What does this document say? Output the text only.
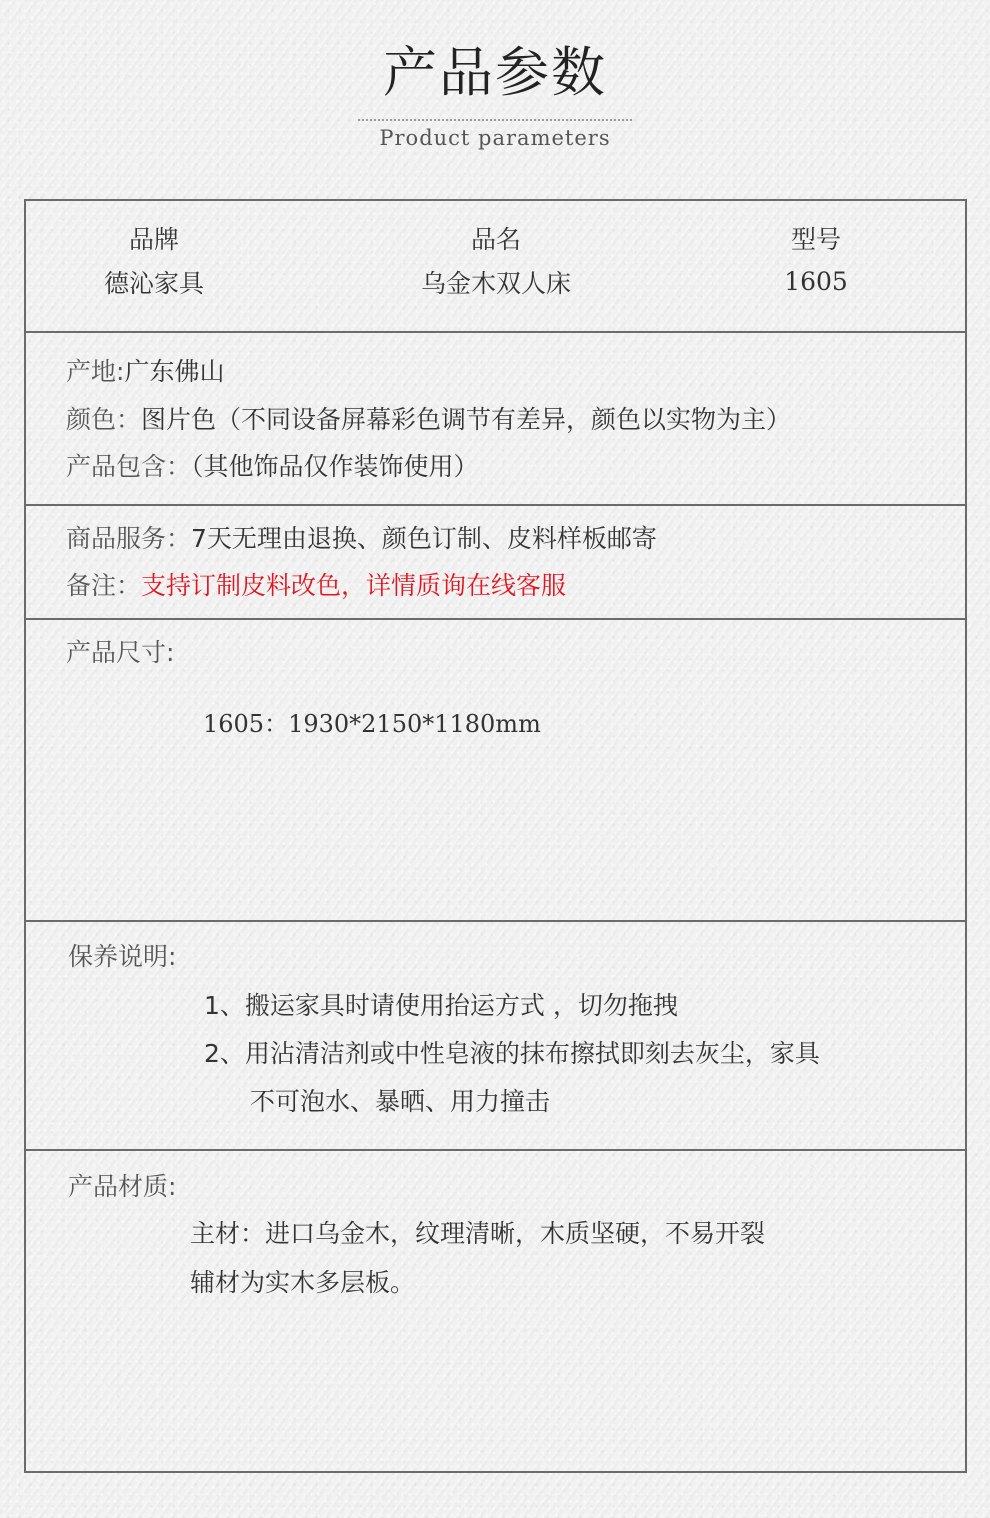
产品参数
Product parameters
品牌
德沁家具
品名
乌金木双人床
型号
1605
产地:广东佛山
颜色：图片色（不同设备屏幕彩色调节有差异，颜色以实物为主）
产品包含：（其他饰品仅作装饰使用）
商品服务：7天无理由退换、颜色订制、皮料样板邮寄
备注：支持订制皮料改色，详情质询在线客服
产品尺寸:
1605：1930*2150*1180mm
保养说明:
1、搬运家具时请使用抬运方式 ，切勿拖拽
2、用沾清洁剂或中性皂液的抹布擦拭即刻去灰尘，家具
不可泡水、暴晒、用力撞击
产品材质:
主材：进口乌金木，纹理清晰，木质坚硬，不易开裂
辅材为实木多层板。
